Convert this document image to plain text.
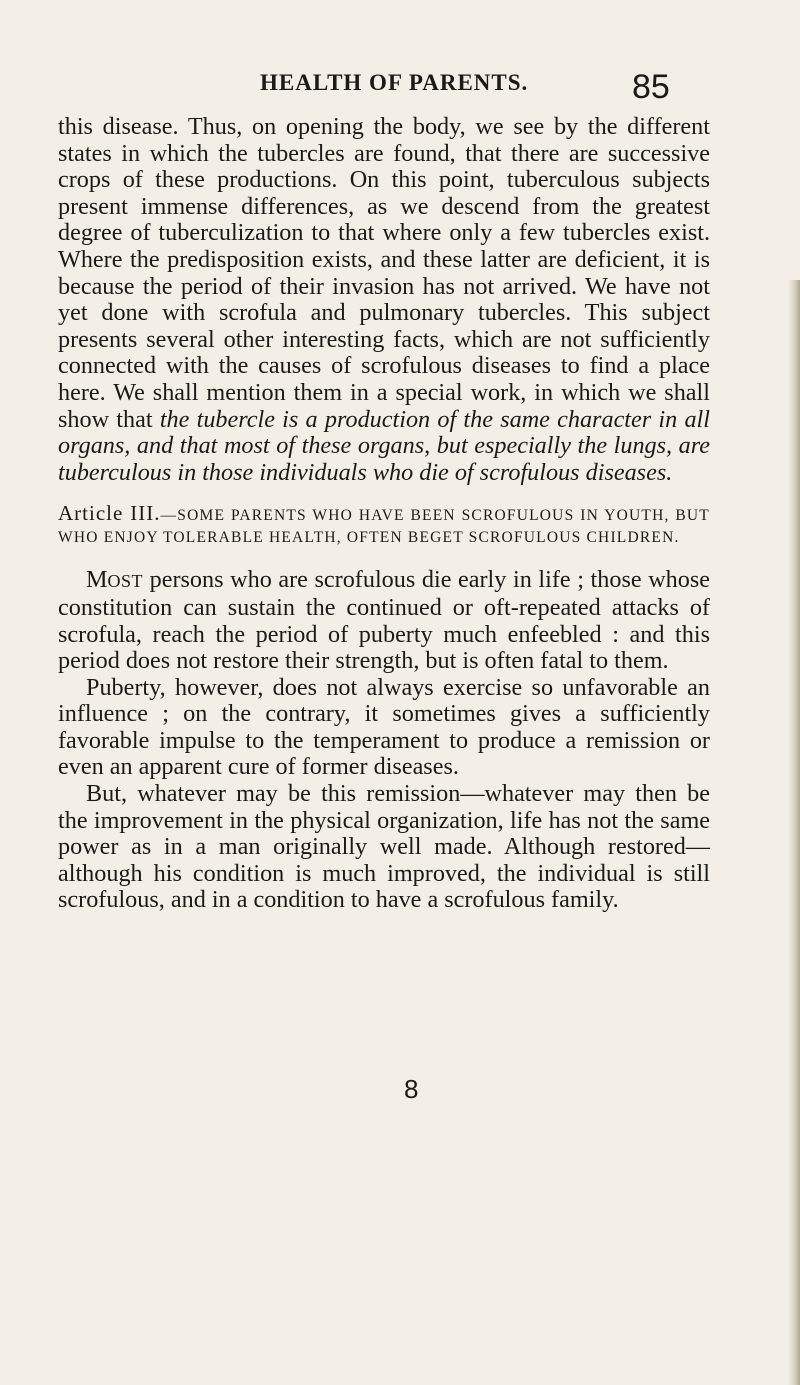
HEALTH OF PARENTS.	85

this disease. Thus, on opening the body, we see by the different states in which the tubercles are found, that there are successive crops of these productions. On this point, tuberculous subjects present immense differences, as we descend from the greatest degree of tuberculization to that where only a few tubercles exist. Where the predisposition exists, and these latter are deficient, it is because the period of their invasion has not arrived. We have not yet done with scrofula and pulmonary tubercles. This subject presents several other interesting facts, which are not sufficiently connected with the causes of scrofulous diseases to find a place here. We shall mention them in a special work, in which we shall show that the tubercle is a production of the same character in all organs, and that most of these organs, but especially the lungs, are tuberculous in those individuals who die of scrofulous diseases.

Article III.—SOME PARENTS WHO HAVE BEEN SCROFULOUS IN YOUTH, BUT WHO ENJOY TOLERABLE HEALTH, OFTEN BEGET SCROFULOUS CHILDREN.

MOST persons who are scrofulous die early in life ; those whose constitution can sustain the continued or oft-repeated attacks of scrofula, reach the period of puberty much enfeebled : and this period does not restore their strength, but is often fatal to them.

Puberty, however, does not always exercise so unfavorable an influence ; on the contrary, it sometimes gives a sufficiently favorable impulse to the temperament to produce a remission or even an apparent cure of former diseases.

But, whatever may be this remission—whatever may then be the improvement in the physical organization, life has not the same power as in a man originally well made. Although restored—although his condition is much improved, the individual is still scrofulous, and in a condition to have a scrofulous family.

8
